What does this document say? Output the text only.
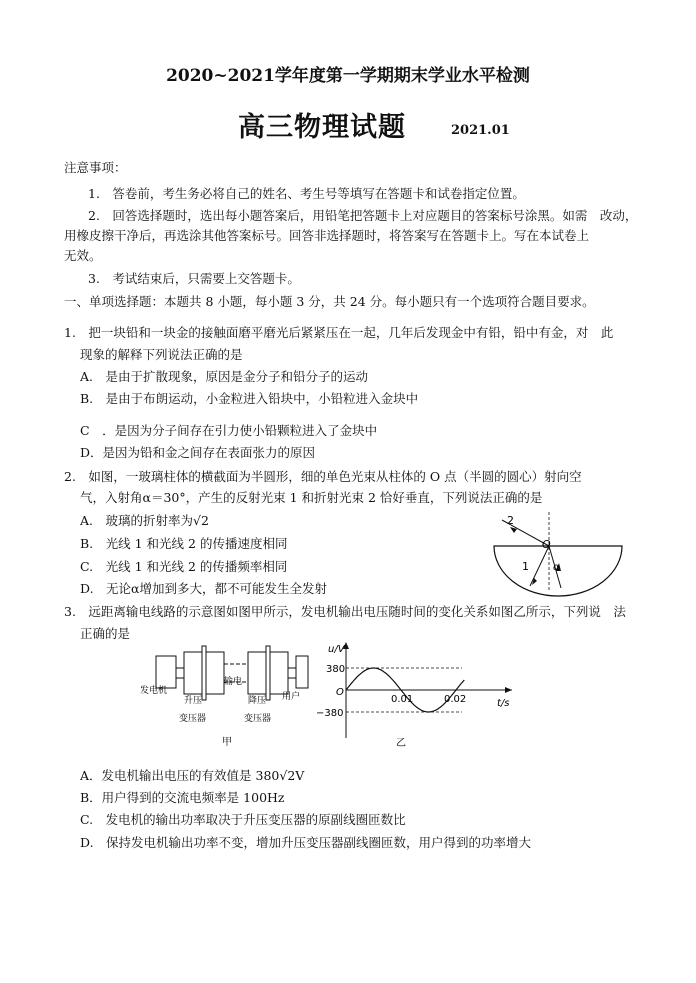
2020~2021学年度第一学期期末学业水平检测
高三物理试题	2021.01
注意事项：
1.　答卷前，考生务必将自己的姓名、考生号等填写在答题卡和试卷指定位置。
2.　回答选择题时，选出每小题答案后，用铅笔把答题卡上对应题目的答案标号涂黑。如需　改动，
用橡皮擦干净后，再选涂其他答案标号。回答非选择题时，将答案写在答题卡上。写在本试卷上
无效。
3.　考试结束后，只需要上交答题卡。
一、单项选择题：本题共 8 小题，每小题 3 分，共 24 分。每小题只有一个选项符合题目要求。
1.　把一块铅和一块金的接触面磨平磨光后紧紧压在一起，几年后发现金中有铅，铅中有金，对　此
现象的解释下列说法正确的是
A.　是由于扩散现象，原因是金分子和铅分子的运动
B.　是由于布朗运动，小金粒进入铅块中，小铅粒进入金块中
C　．是因为分子间存在引力使小铅颗粒进入了金块中
D．是因为铅和金之间存在表面张力的原因
2.　如图，一玻璃柱体的横截面为半圆形，细的单色光束从柱体的 O 点（半圆的圆心）射向空
气，入射角α＝30°，产生的反射光束 1 和折射光束 2 恰好垂直，下列说法正确的是
A.　玻璃的折射率为√2
B.　光线 1 和光线 2 的传播速度相同
C.　光线 1 和光线 2 的传播频率相同
D.　无论α增加到多大，都不可能发生全发射
2
1
O
α
3.　远距离输电线路的示意图如图甲所示，发电机输出电压随时间的变化关系如图乙所示，下列说　法
正确的是
发电机
升压
变压器
输电
降压
变压器
用户
甲
u/V
t/s
O
380
−380
0.01	0.02
乙
A．发电机输出电压的有效值是 380√2V
B．用户得到的交流电频率是 100Hz
C.　发电机的输出功率取决于升压变压器的原副线圈匝数比
D.　保持发电机输出功率不变，增加升压变压器副线圈匝数，用户得到的功率增大
